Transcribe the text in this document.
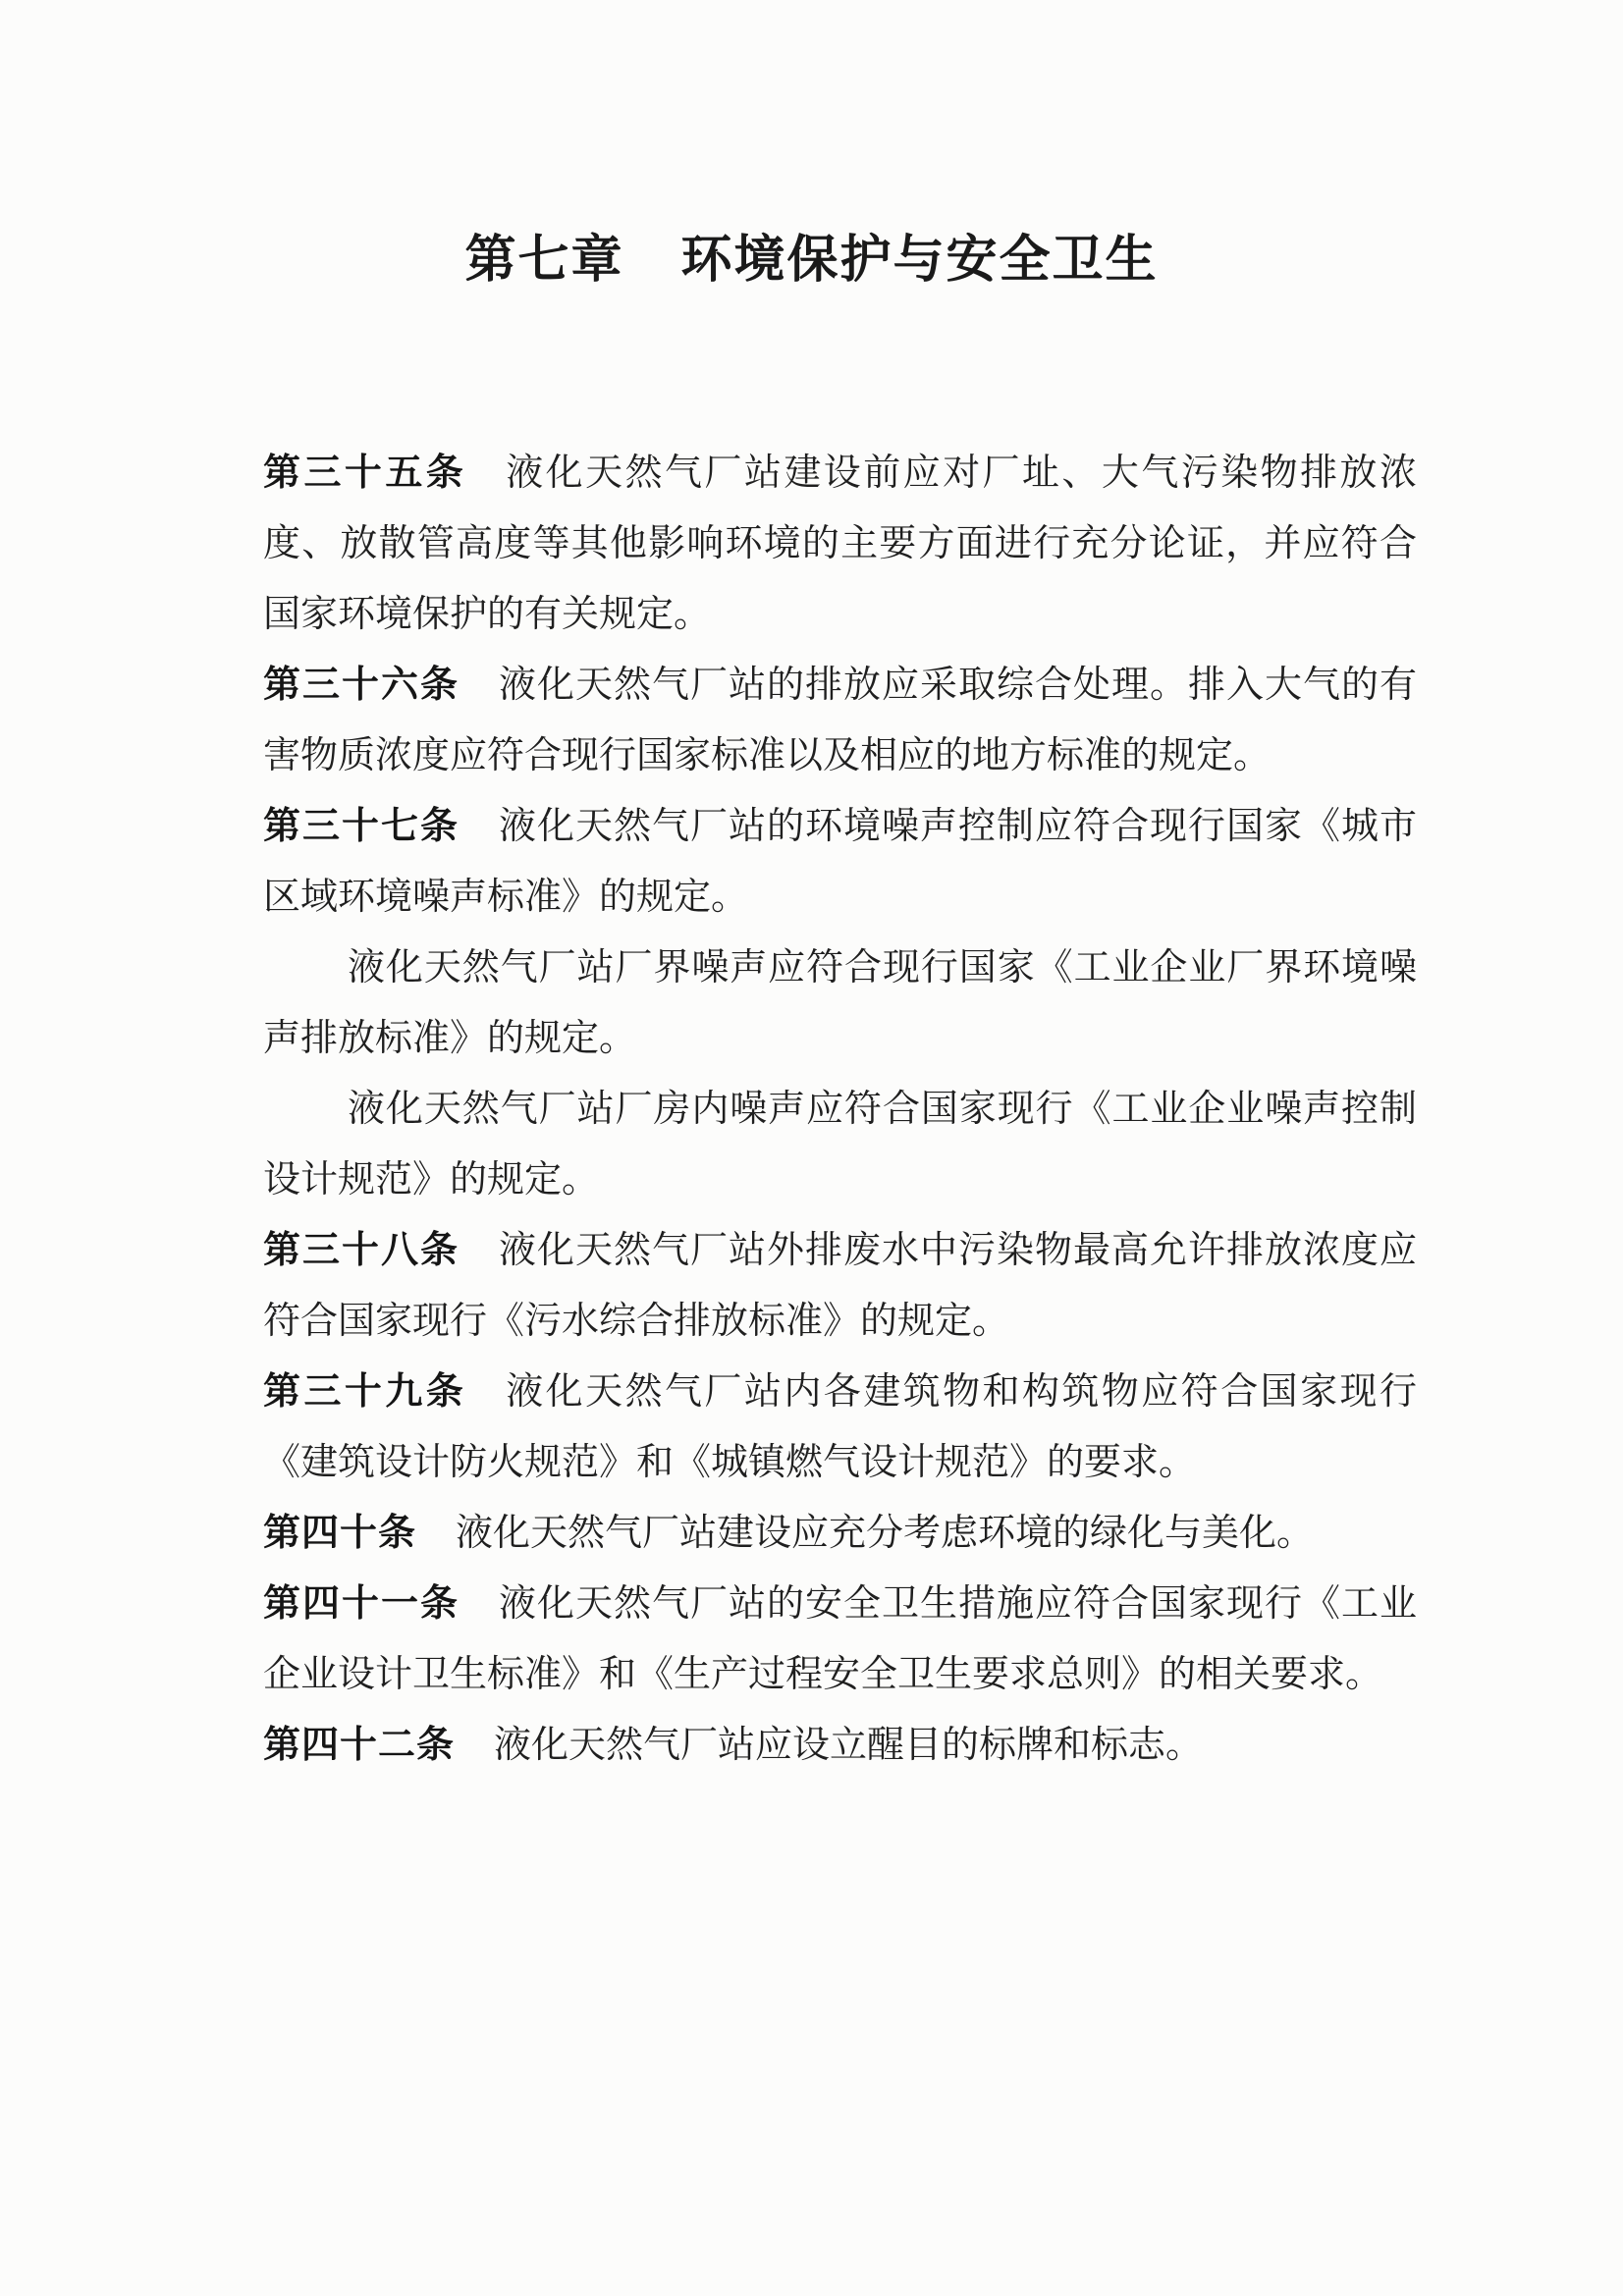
第七章 环境保护与安全卫生

第三十五条 液化天然气厂站建设前应对厂址、大气污染物排放浓度、放散管高度等其他影响环境的主要方面进行充分论证，并应符合国家环境保护的有关规定。

第三十六条 液化天然气厂站的排放应采取综合处理。排入大气的有害物质浓度应符合现行国家标准以及相应的地方标准的规定。

第三十七条 液化天然气厂站的环境噪声控制应符合现行国家《城市区域环境噪声标准》的规定。

液化天然气厂站厂界噪声应符合现行国家《工业企业厂界环境噪声排放标准》的规定。

液化天然气厂站厂房内噪声应符合国家现行《工业企业噪声控制设计规范》的规定。

第三十八条 液化天然气厂站外排废水中污染物最高允许排放浓度应符合国家现行《污水综合排放标准》的规定。

第三十九条 液化天然气厂站内各建筑物和构筑物应符合国家现行《建筑设计防火规范》和《城镇燃气设计规范》的要求。

第四十条 液化天然气厂站建设应充分考虑环境的绿化与美化。

第四十一条 液化天然气厂站的安全卫生措施应符合国家现行《工业企业设计卫生标准》和《生产过程安全卫生要求总则》的相关要求。

第四十二条 液化天然气厂站应设立醒目的标牌和标志。
